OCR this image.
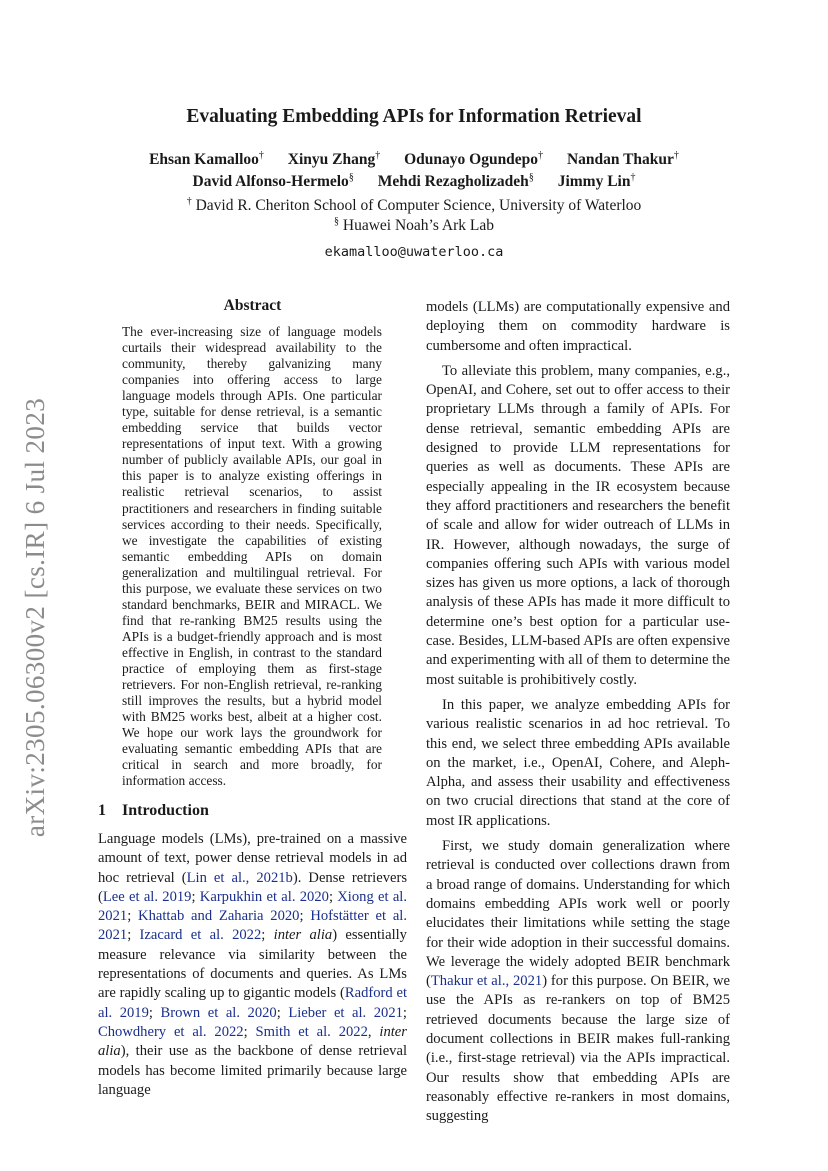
arXiv:2305.06300v2 [cs.IR] 6 Jul 2023
Evaluating Embedding APIs for Information Retrieval
Ehsan Kamalloo† Xinyu Zhang† Odunayo Ogundepo† Nandan Thakur†
David Alfonso-Hermelo§ Mehdi Rezagholizadeh§ Jimmy Lin†
† David R. Cheriton School of Computer Science, University of Waterloo
§ Huawei Noah’s Ark Lab
ekamalloo@uwaterloo.ca
Abstract
The ever-increasing size of language models curtails their widespread availability to the community, thereby galvanizing many companies into offering access to large language models through APIs. One particular type, suitable for dense retrieval, is a semantic embedding service that builds vector representations of input text. With a growing number of publicly available APIs, our goal in this paper is to analyze existing offerings in realistic retrieval scenarios, to assist practitioners and researchers in finding suitable services according to their needs. Specifically, we investigate the capabilities of existing semantic embedding APIs on domain generalization and multilingual retrieval. For this purpose, we evaluate these services on two standard benchmarks, BEIR and MIRACL. We find that re-ranking BM25 results using the APIs is a budget-friendly approach and is most effective in English, in contrast to the standard practice of employing them as first-stage retrievers. For non-English retrieval, re-ranking still improves the results, but a hybrid model with BM25 works best, albeit at a higher cost. We hope our work lays the groundwork for evaluating semantic embedding APIs that are critical in search and more broadly, for information access.
1 Introduction
Language models (LMs), pre-trained on a massive amount of text, power dense retrieval models in ad hoc retrieval (Lin et al., 2021b). Dense retrievers (Lee et al. 2019; Karpukhin et al. 2020; Xiong et al. 2021; Khattab and Zaharia 2020; Hofstätter et al. 2021; Izacard et al. 2022; inter alia) essentially measure relevance via similarity between the representations of documents and queries. As LMs are rapidly scaling up to gigantic models (Radford et al. 2019; Brown et al. 2020; Lieber et al. 2021; Chowdhery et al. 2022; Smith et al. 2022, inter alia), their use as the backbone of dense retrieval models has become limited primarily because large language

models (LLMs) are computationally expensive and deploying them on commodity hardware is cumbersome and often impractical.

To alleviate this problem, many companies, e.g., OpenAI, and Cohere, set out to offer access to their proprietary LLMs through a family of APIs. For dense retrieval, semantic embedding APIs are designed to provide LLM representations for queries as well as documents. These APIs are especially appealing in the IR ecosystem because they afford practitioners and researchers the benefit of scale and allow for wider outreach of LLMs in IR. However, although nowadays, the surge of companies offering such APIs with various model sizes has given us more options, a lack of thorough analysis of these APIs has made it more difficult to determine one’s best option for a particular use-case. Besides, LLM-based APIs are often expensive and experimenting with all of them to determine the most suitable is prohibitively costly.

In this paper, we analyze embedding APIs for various realistic scenarios in ad hoc retrieval. To this end, we select three embedding APIs available on the market, i.e., OpenAI, Cohere, and Aleph-Alpha, and assess their usability and effectiveness on two crucial directions that stand at the core of most IR applications.

First, we study domain generalization where retrieval is conducted over collections drawn from a broad range of domains. Understanding for which domains embedding APIs work well or poorly elucidates their limitations while setting the stage for their wide adoption in their successful domains. We leverage the widely adopted BEIR benchmark (Thakur et al., 2021) for this purpose. On BEIR, we use the APIs as re-rankers on top of BM25 retrieved documents because the large size of document collections in BEIR makes full-ranking (i.e., first-stage retrieval) via the APIs impractical. Our results show that embedding APIs are reasonably effective re-rankers in most domains, suggesting
